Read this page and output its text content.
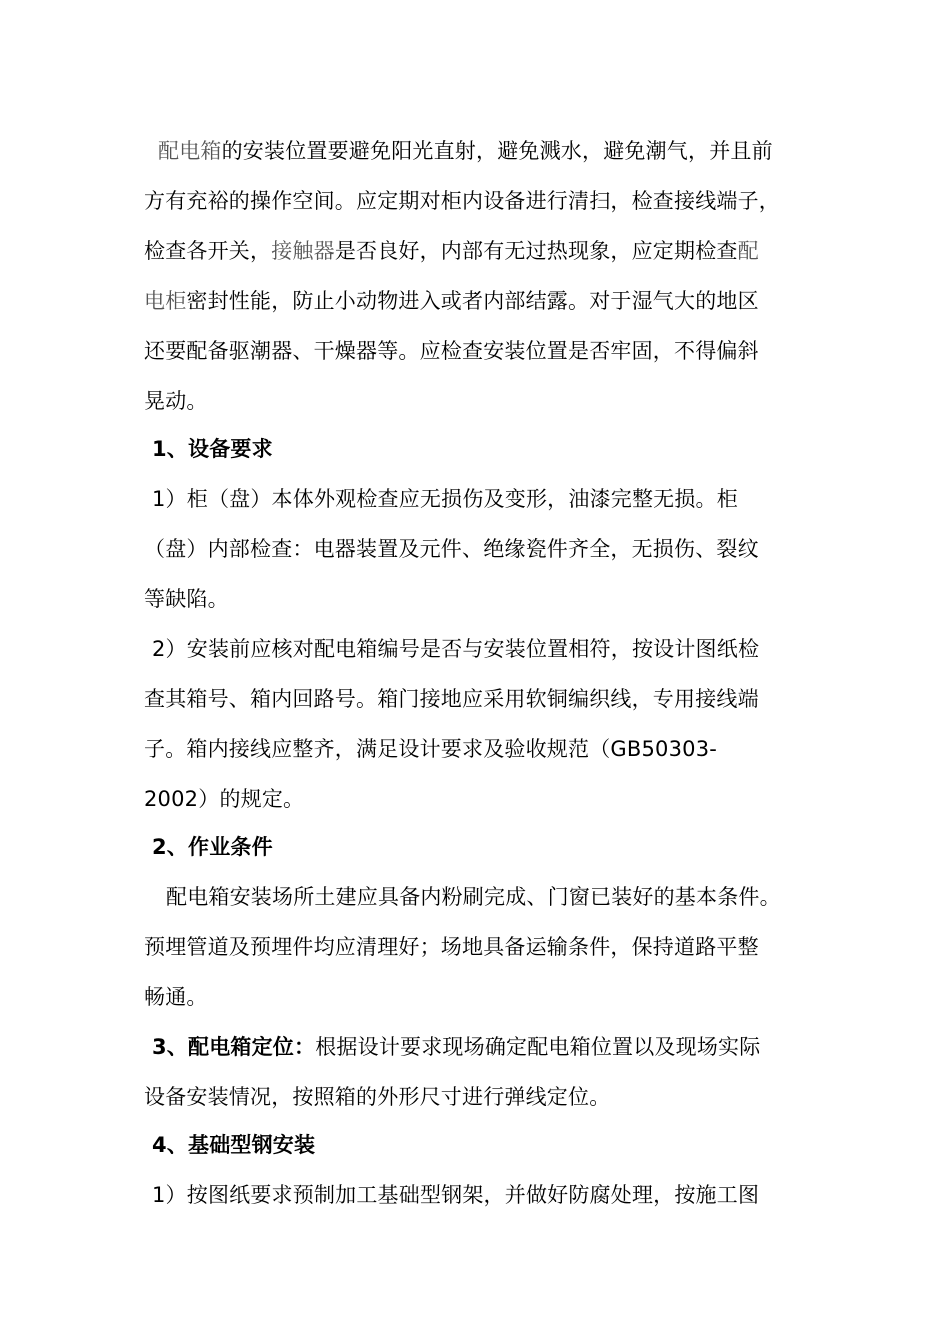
配电箱的安装位置要避免阳光直射，避免溅水，避免潮气，并且前
方有充裕的操作空间。应定期对柜内设备进行清扫，检查接线端子，
检查各开关，接触器是否良好，内部有无过热现象，应定期检查配
电柜密封性能，防止小动物进入或者内部结露。对于湿气大的地区
还要配备驱潮器、干燥器等。应检查安装位置是否牢固，不得偏斜
晃动。
1、设备要求
1）柜（盘）本体外观检查应无损伤及变形，油漆完整无损。柜
（盘）内部检查：电器装置及元件、绝缘瓷件齐全，无损伤、裂纹
等缺陷。
2）安装前应核对配电箱编号是否与安装位置相符，按设计图纸检
查其箱号、箱内回路号。箱门接地应采用软铜编织线，专用接线端
子。箱内接线应整齐，满足设计要求及验收规范（GB50303-
2002）的规定。
2、作业条件
配电箱安装场所土建应具备内粉刷完成、门窗已装好的基本条件。
预埋管道及预埋件均应清理好；场地具备运输条件，保持道路平整
畅通。
3、配电箱定位：根据设计要求现场确定配电箱位置以及现场实际
设备安装情况，按照箱的外形尺寸进行弹线定位。
4、基础型钢安装
1）按图纸要求预制加工基础型钢架，并做好防腐处理，按施工图
